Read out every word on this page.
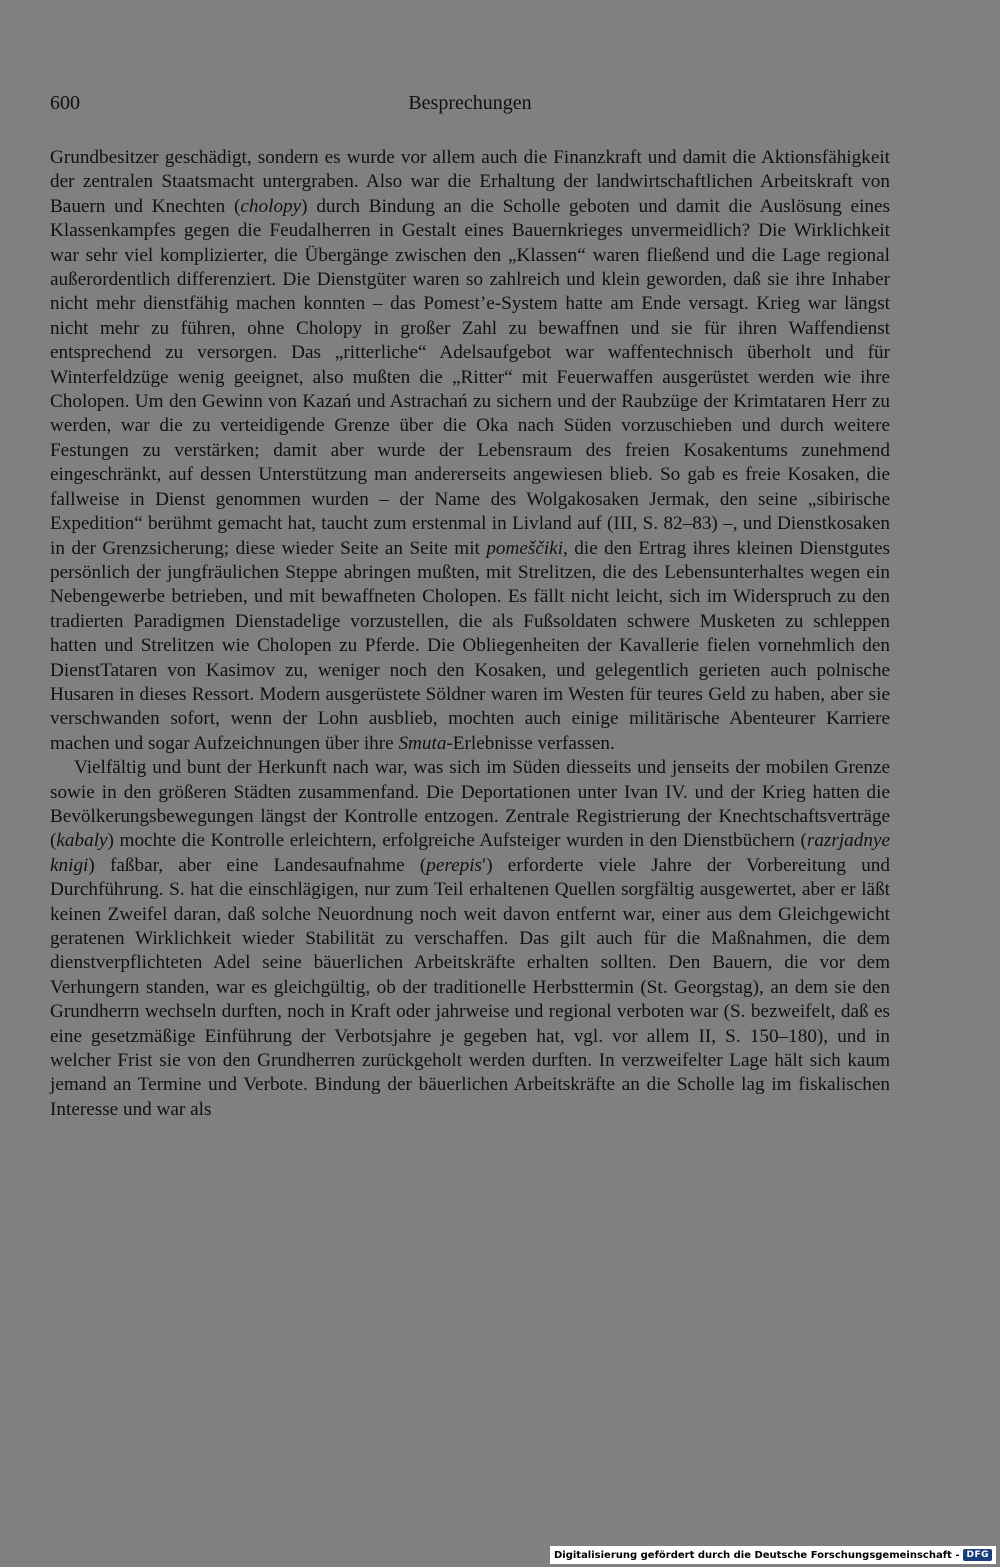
600	Besprechungen

Grundbesitzer geschädigt, sondern es wurde vor allem auch die Finanzkraft und damit die Aktionsfähigkeit der zentralen Staatsmacht untergraben. Also war die Erhaltung der landwirtschaftlichen Arbeitskraft von Bauern und Knechten (cholopy) durch Bindung an die Scholle geboten und damit die Auslösung eines Klassenkampfes gegen die Feudalherren in Gestalt eines Bauernkrieges unvermeidlich? Die Wirklichkeit war sehr viel komplizierter, die Übergänge zwischen den „Klassen“ waren fließend und die Lage regional außerordentlich differenziert. Die Dienstgüter waren so zahlreich und klein geworden, daß sie ihre Inhaber nicht mehr dienstfähig machen konnten – das Pomest’e-System hatte am Ende versagt. Krieg war längst nicht mehr zu führen, ohne Cholopy in großer Zahl zu bewaffnen und sie für ihren Waffendienst entsprechend zu versorgen. Das „ritterliche“ Adelsaufgebot war waffentechnisch überholt und für Winterfeldzüge wenig geeignet, also mußten die „Ritter“ mit Feuerwaffen ausgerüstet werden wie ihre Cholopen. Um den Gewinn von Kazań und Astrachań zu sichern und der Raubzüge der Krimtataren Herr zu werden, war die zu verteidigende Grenze über die Oka nach Süden vorzuschieben und durch weitere Festungen zu verstärken; damit aber wurde der Lebensraum des freien Kosakentums zunehmend eingeschränkt, auf dessen Unterstützung man andererseits angewiesen blieb. So gab es freie Kosaken, die fallweise in Dienst genommen wurden – der Name des Wolgakosaken Jermak, den seine „sibirische Expedition“ berühmt gemacht hat, taucht zum erstenmal in Livland auf (III, S. 82–83) –, und Dienstkosaken in der Grenzsicherung; diese wieder Seite an Seite mit pomeščiki, die den Ertrag ihres kleinen Dienstgutes persönlich der jungfräulichen Steppe abringen mußten, mit Strelitzen, die des Lebensunterhaltes wegen ein Nebengewerbe betrieben, und mit bewaffneten Cholopen. Es fällt nicht leicht, sich im Widerspruch zu den tradierten Paradigmen Dienstadelige vorzustellen, die als Fußsoldaten schwere Musketen zu schleppen hatten und Strelitzen wie Cholopen zu Pferde. Die Obliegenheiten der Kavallerie fielen vornehmlich den DienstTataren von Kasimov zu, weniger noch den Kosaken, und gelegentlich gerieten auch polnische Husaren in dieses Ressort. Modern ausgerüstete Söldner waren im Westen für teures Geld zu haben, aber sie verschwanden sofort, wenn der Lohn ausblieb, mochten auch einige militärische Abenteurer Karriere machen und sogar Aufzeichnungen über ihre Smuta-Erlebnisse verfassen.

Vielfältig und bunt der Herkunft nach war, was sich im Süden diesseits und jenseits der mobilen Grenze sowie in den größeren Städten zusammenfand. Die Deportationen unter Ivan IV. und der Krieg hatten die Bevölkerungsbewegungen längst der Kontrolle entzogen. Zentrale Registrierung der Knechtschaftsverträge (kabaly) mochte die Kontrolle erleichtern, erfolgreiche Aufsteiger wurden in den Dienstbüchern (razrjadnye knigi) faßbar, aber eine Landesaufnahme (perepisʹ) erforderte viele Jahre der Vorbereitung und Durchführung. S. hat die einschlägigen, nur zum Teil erhaltenen Quellen sorgfältig ausgewertet, aber er läßt keinen Zweifel daran, daß solche Neuordnung noch weit davon entfernt war, einer aus dem Gleichgewicht geratenen Wirklichkeit wieder Stabilität zu verschaffen. Das gilt auch für die Maßnahmen, die dem dienstverpflichteten Adel seine bäuerlichen Arbeitskräfte erhalten sollten. Den Bauern, die vor dem Verhungern standen, war es gleichgültig, ob der traditionelle Herbsttermin (St. Georgstag), an dem sie den Grundherrn wechseln durften, noch in Kraft oder jahrweise und regional verboten war (S. bezweifelt, daß es eine gesetzmäßige Einführung der Verbotsjahre je gegeben hat, vgl. vor allem II, S. 150–180), und in welcher Frist sie von den Grundherren zurückgeholt werden durften. In verzweifelter Lage hält sich kaum jemand an Termine und Verbote. Bindung der bäuerlichen Arbeitskräfte an die Scholle lag im fiskalischen Interesse und war als

Digitalisierung gefördert durch die Deutsche Forschungsgemeinschaft - DFG
